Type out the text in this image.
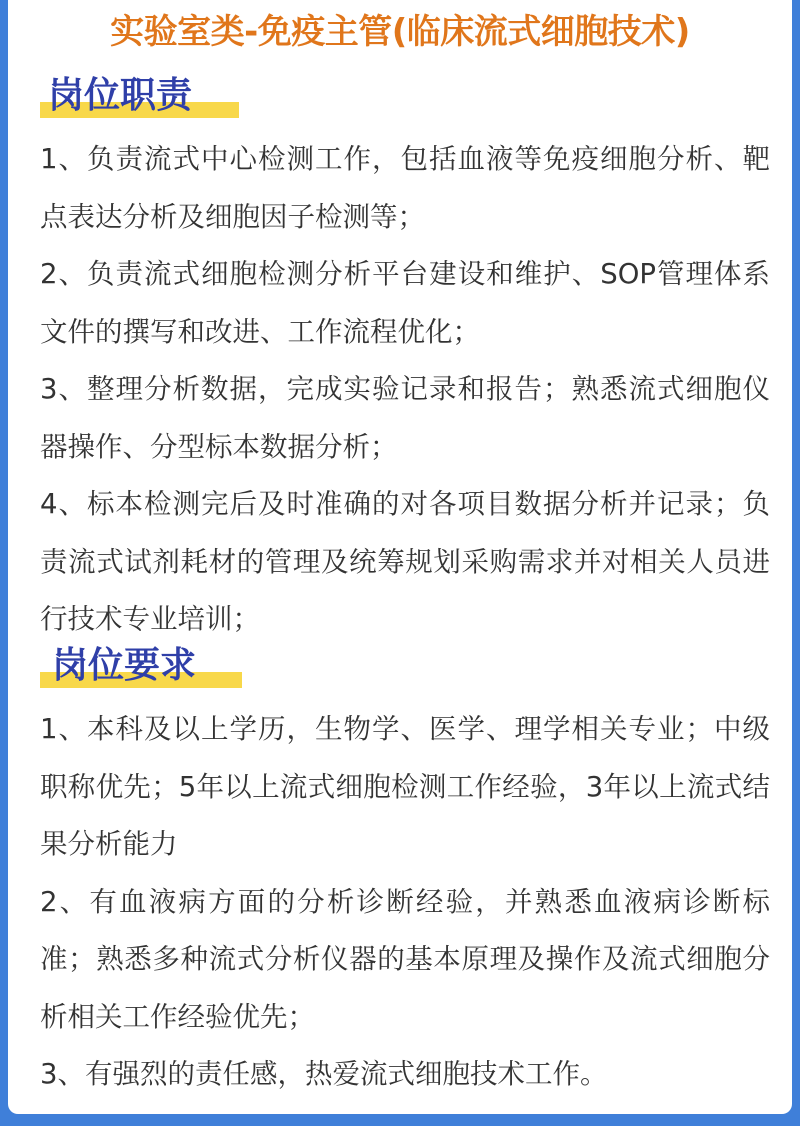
实验室类-免疫主管(临床流式细胞技术)
岗位职责
1、负责流式中心检测工作，包括血液等免疫细胞分析、靶点表达分析及细胞因子检测等；
2、负责流式细胞检测分析平台建设和维护、SOP管理体系文件的撰写和改进、工作流程优化；
3、整理分析数据，完成实验记录和报告；熟悉流式细胞仪器操作、分型标本数据分析；
4、标本检测完后及时准确的对各项目数据分析并记录；负责流式试剂耗材的管理及统筹规划采购需求并对相关人员进行技术专业培训；
岗位要求
1、本科及以上学历，生物学、医学、理学相关专业；中级职称优先；5年以上流式细胞检测工作经验，3年以上流式结果分析能力
2、有血液病方面的分析诊断经验，并熟悉血液病诊断标准；熟悉多种流式分析仪器的基本原理及操作及流式细胞分析相关工作经验优先；
3、有强烈的责任感，热爱流式细胞技术工作。
